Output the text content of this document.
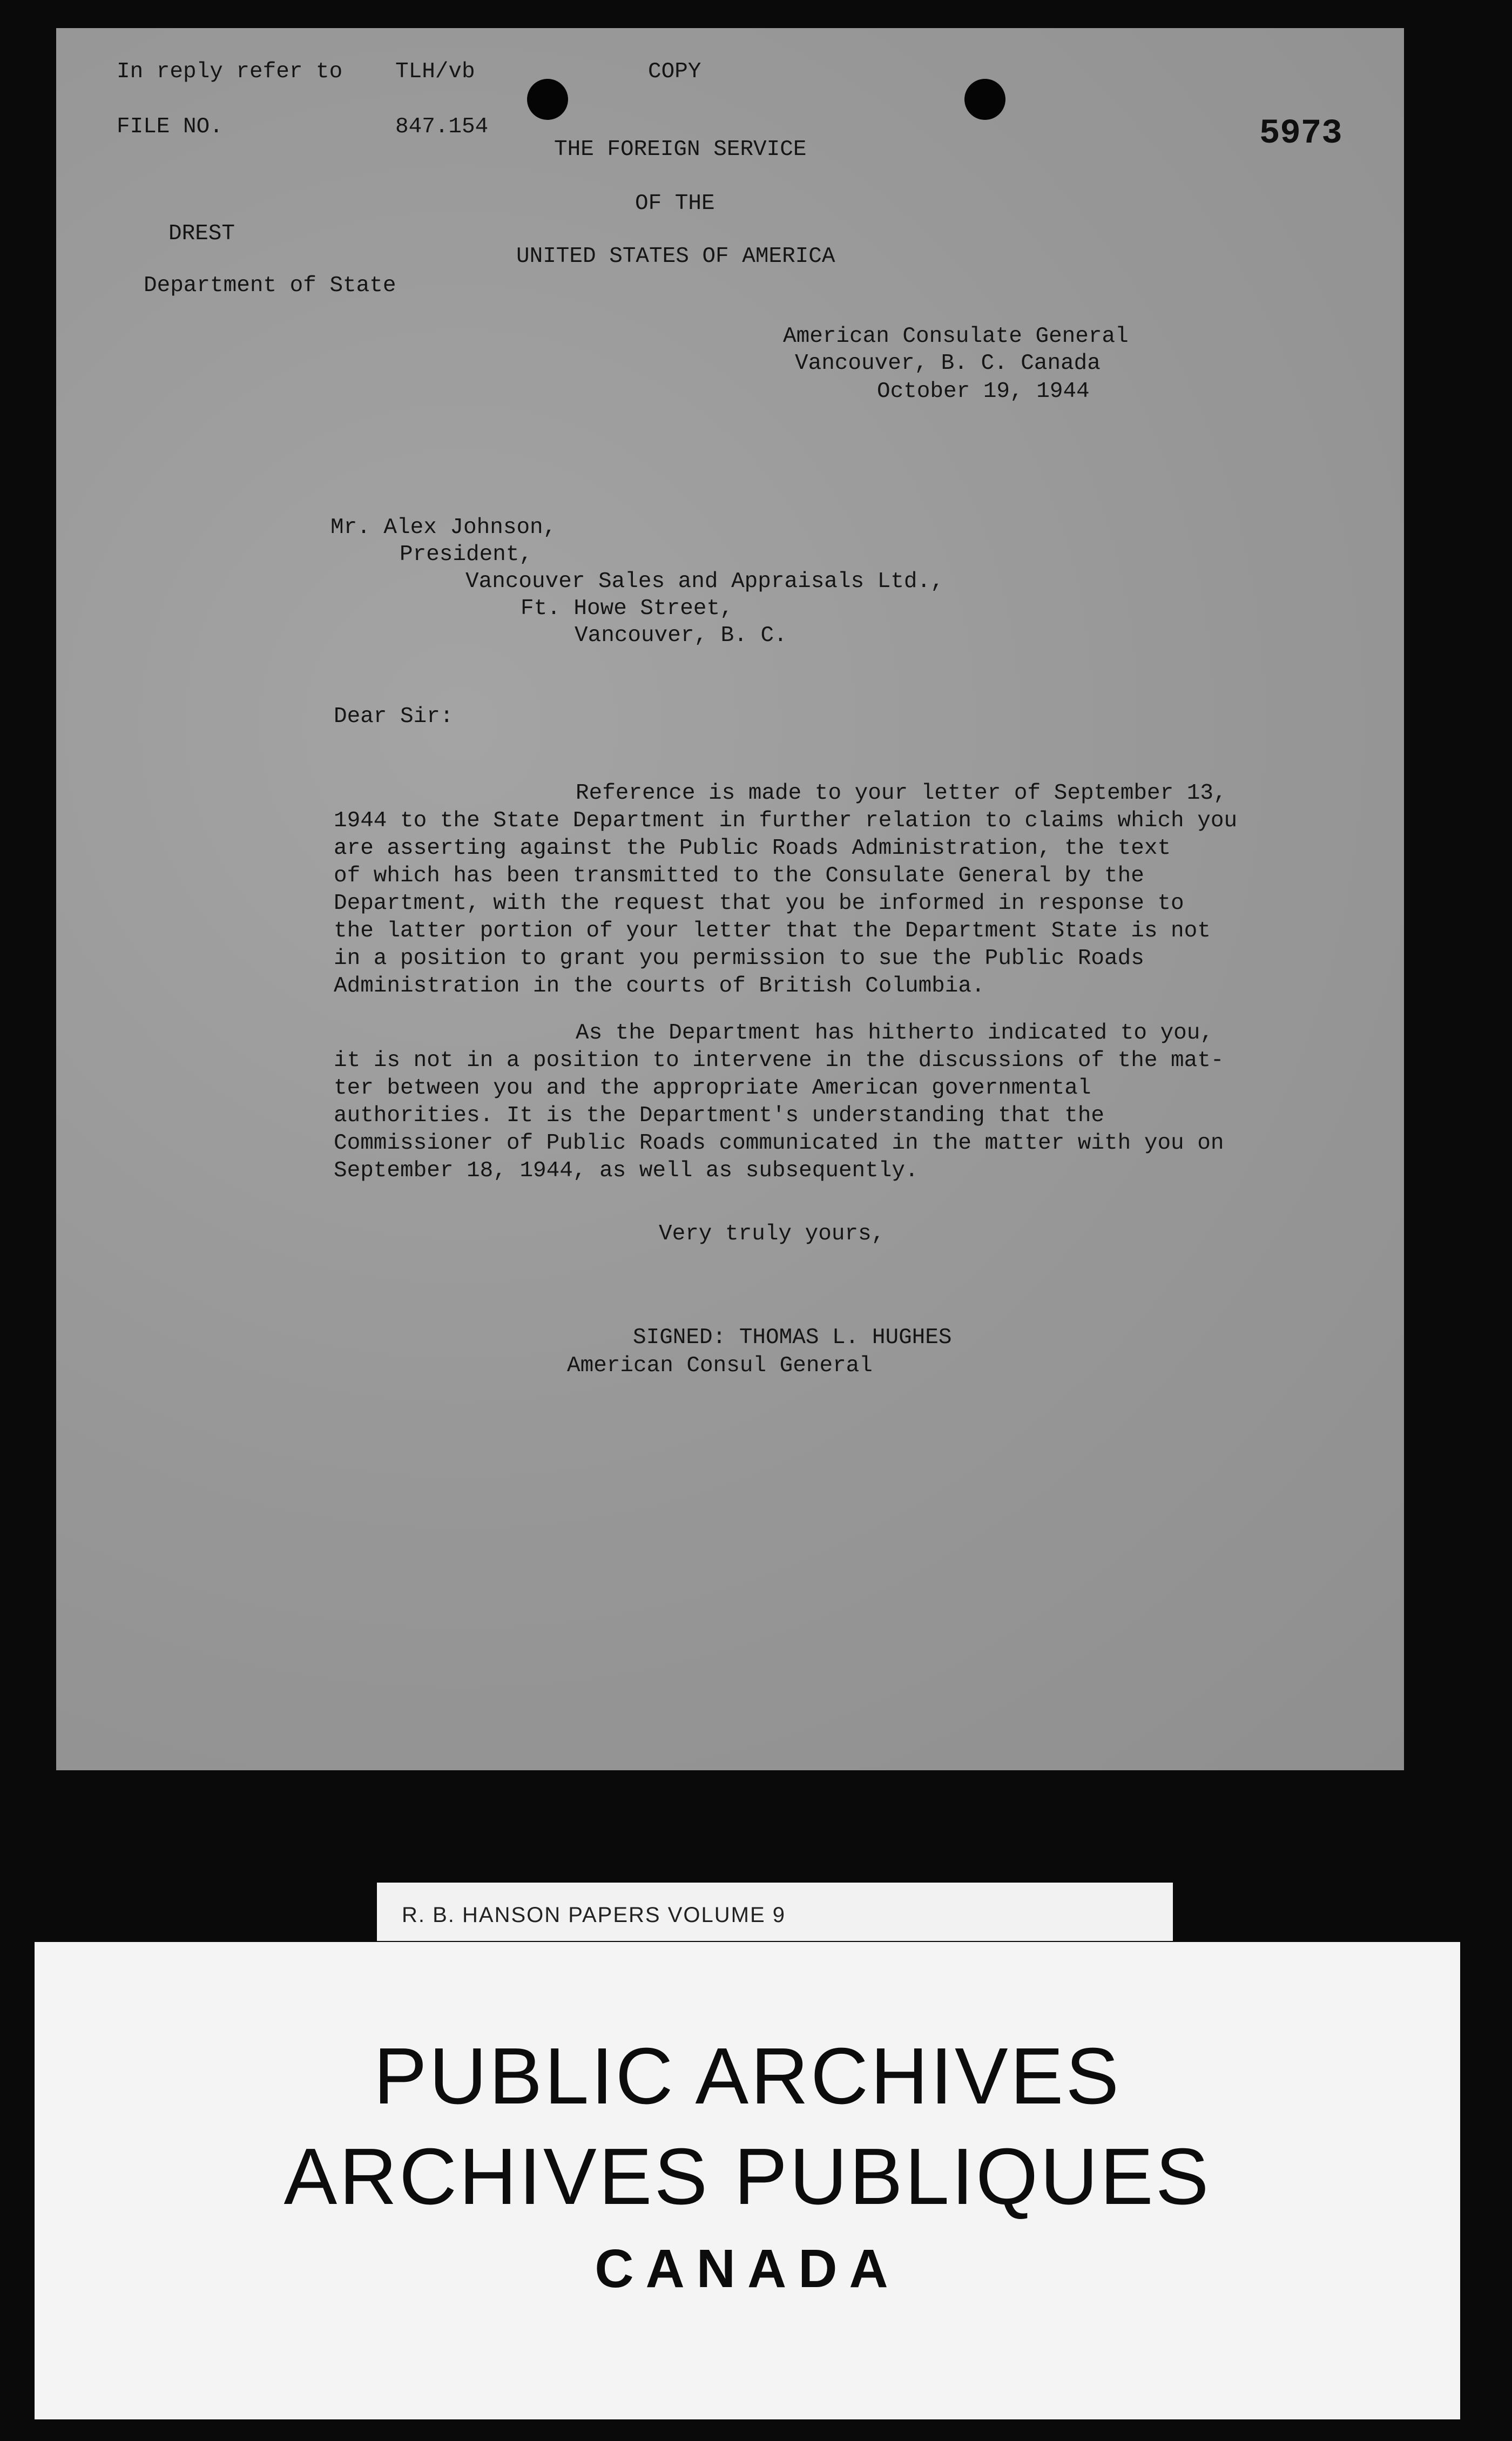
In reply refer to TLH/vb	COPY
FILE NO.	847.154	5973
THE FOREIGN SERVICE
OF THE
UNITED STATES OF AMERICA
DREST
Department of State
American Consulate General
Vancouver, B. C. Canada
October 19, 1944
Mr. Alex Johnson,
President,
Vancouver Sales and Appraisals Ltd.,
Ft. Howe Street,
Vancouver, B. C.
Dear Sir:
Reference is made to your letter of September 13,
1944 to the State Department in further relation to claims which you
are asserting against the Public Roads Administration, the text
of which has been transmitted to the Consulate General by the
Department, with the request that you be informed in response to
the latter portion of your letter that the Department State is not
in a position to grant you permission to sue the Public Roads
Administration in the courts of British Columbia.
As the Department has hitherto indicated to you,
it is not in a position to intervene in the discussions of the mat-
ter between you and the appropriate American governmental
authorities. It is the Department's understanding that the
Commissioner of Public Roads communicated in the matter with you on
September 18, 1944, as well as subsequently.
Very truly yours,
SIGNED: THOMAS L. HUGHES
American Consul General
R. B. HANSON PAPERS VOLUME 9
PUBLIC ARCHIVES
ARCHIVES PUBLIQUES
CANADA
